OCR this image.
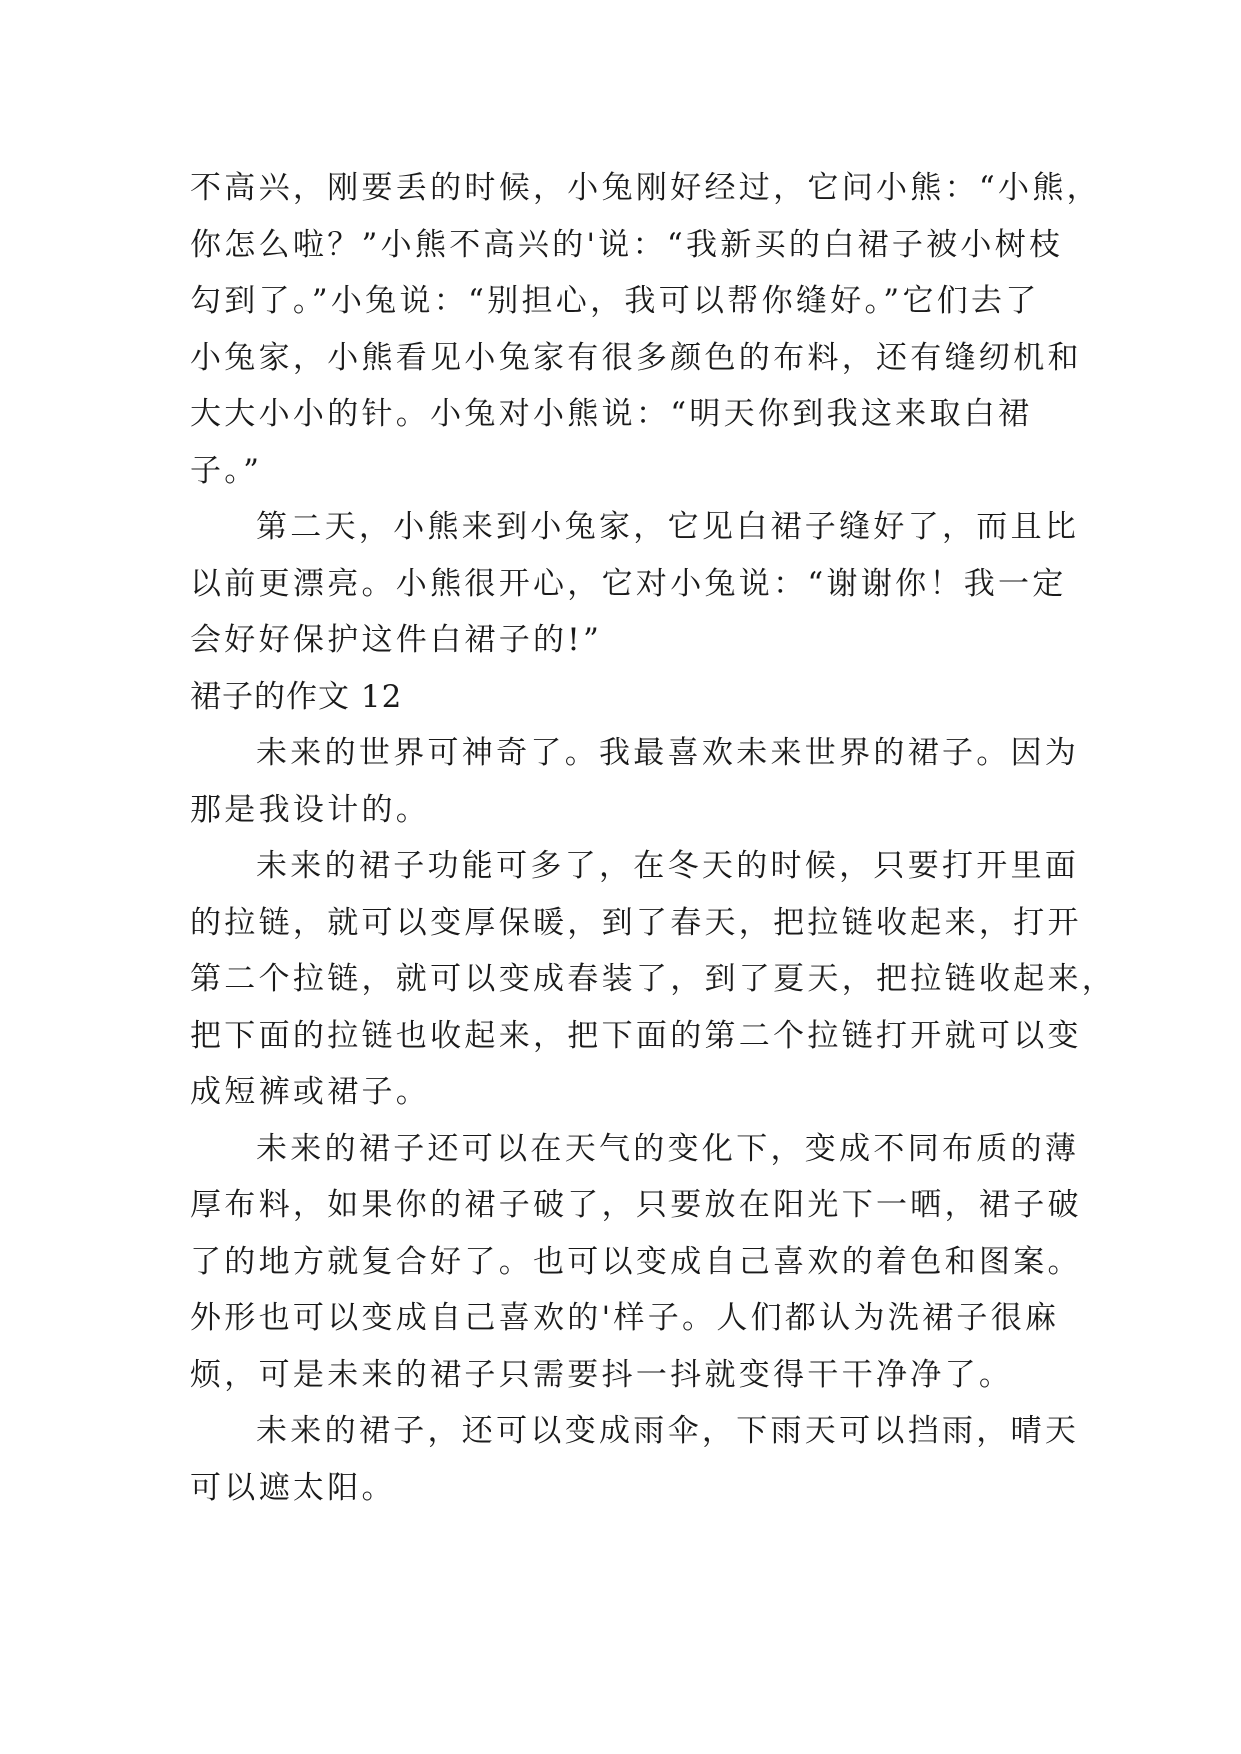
不高兴，刚要丢的时候，小兔刚好经过，它问小熊：“小熊，
你怎么啦？”小熊不高兴的'说：“我新买的白裙子被小树枝
勾到了。”小兔说：“别担心，我可以帮你缝好。”它们去了
小兔家，小熊看见小兔家有很多颜色的布料，还有缝纫机和
大大小小的针。小兔对小熊说：“明天你到我这来取白裙
子。”
第二天，小熊来到小兔家，它见白裙子缝好了，而且比
以前更漂亮。小熊很开心，它对小兔说：“谢谢你！我一定
会好好保护这件白裙子的!”
裙子的作文 12
未来的世界可神奇了。我最喜欢未来世界的裙子。因为
那是我设计的。
未来的裙子功能可多了，在冬天的时候，只要打开里面
的拉链，就可以变厚保暖，到了春天，把拉链收起来，打开
第二个拉链，就可以变成春装了，到了夏天，把拉链收起来，
把下面的拉链也收起来，把下面的第二个拉链打开就可以变
成短裤或裙子。
未来的裙子还可以在天气的变化下，变成不同布质的薄
厚布料，如果你的裙子破了，只要放在阳光下一晒，裙子破
了的地方就复合好了。也可以变成自己喜欢的着色和图案。
外形也可以变成自己喜欢的'样子。人们都认为洗裙子很麻
烦，可是未来的裙子只需要抖一抖就变得干干净净了。
未来的裙子，还可以变成雨伞，下雨天可以挡雨，晴天
可以遮太阳。
